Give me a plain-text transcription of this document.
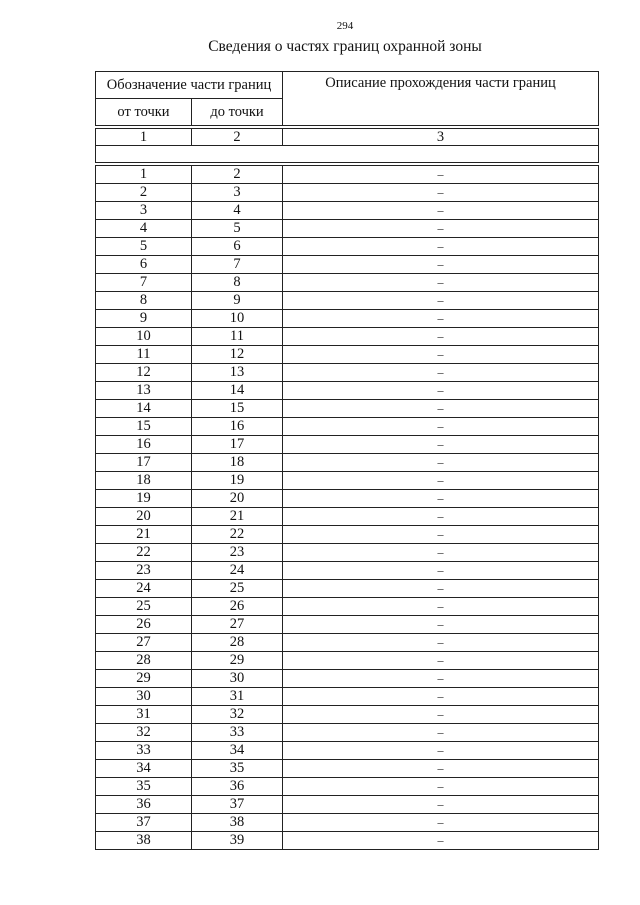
294
Сведения о частях границ охранной зоны
Обозначение части границ		Описание прохождения части границ
от точки	до точки	

1	2	3

1	2	–
2	3	–
3	4	–
4	5	–
5	6	–
6	7	–
7	8	–
8	9	–
9	10	–
10	11	–
11	12	–
12	13	–
13	14	–
14	15	–
15	16	–
16	17	–
17	18	–
18	19	–
19	20	–
20	21	–
21	22	–
22	23	–
23	24	–
24	25	–
25	26	–
26	27	–
27	28	–
28	29	–
29	30	–
30	31	–
31	32	–
32	33	–
33	34	–
34	35	–
35	36	–
36	37	–
37	38	–
38	39	–
